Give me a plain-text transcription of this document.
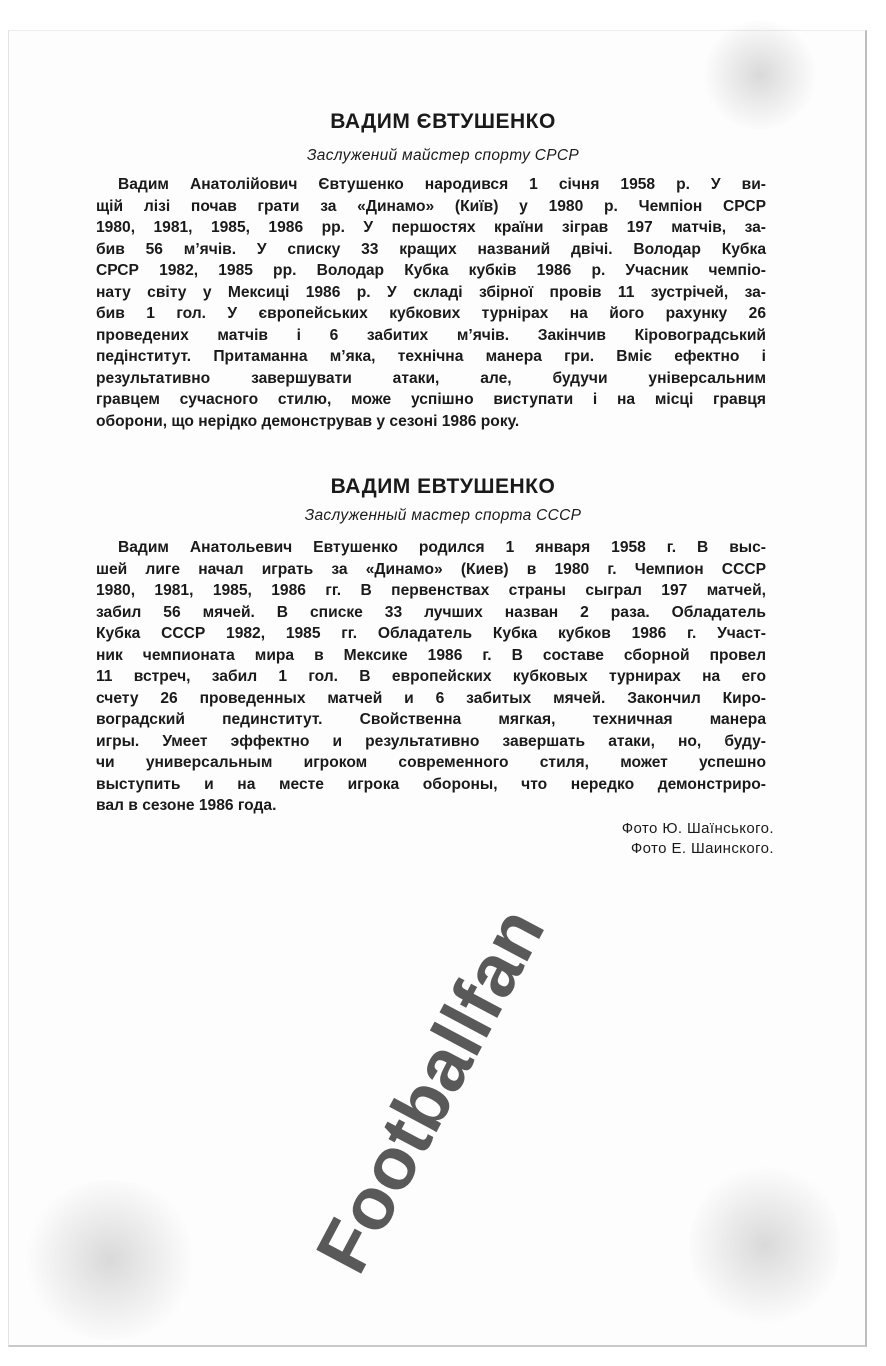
ВАДИМ ЄВТУШЕНКО
Заслужений майстер спорту СРСР
Вадим Анатолійович Євтушенко народився 1 січня 1958 р. У ви-
щій лізі почав грати за «Динамо» (Київ) у 1980 р. Чемпіон СРСР
1980, 1981, 1985, 1986 рр. У першостях країни зіграв 197 матчів, за-
бив 56 м’ячів. У списку 33 кращих названий двічі. Володар Кубка
СРСР 1982, 1985 рр. Володар Кубка кубків 1986 р. Учасник чемпіо-
нату світу у Мексиці 1986 р. У складі збірної провів 11 зустрічей, за-
бив 1 гол. У європейських кубкових турнірах на його рахунку 26
проведених матчів і 6 забитих м’ячів. Закінчив Кіровоградський
педінститут. Притаманна м’яка, технічна манера гри. Вміє ефектно і
результативно завершувати атаки, але, будучи універсальним
гравцем сучасного стилю, може успішно виступати і на місці гравця
оборони, що нерідко демонстрував у сезоні 1986 року.
ВАДИМ ЕВТУШЕНКО
Заслуженный мастер спорта СССР
Вадим Анатольевич Евтушенко родился 1 января 1958 г. В выс-
шей лиге начал играть за «Динамо» (Киев) в 1980 г. Чемпион СССР
1980, 1981, 1985, 1986 гг. В первенствах страны сыграл 197 матчей,
забил 56 мячей. В списке 33 лучших назван 2 раза. Обладатель
Кубка СССР 1982, 1985 гг. Обладатель Кубка кубков 1986 г. Участ-
ник чемпионата мира в Мексике 1986 г. В составе сборной провел
11 встреч, забил 1 гол. В европейских кубковых турнирах на его
счету 26 проведенных матчей и 6 забитых мячей. Закончил Киро-
воградский пединститут. Свойственна мягкая, техничная манера
игры. Умеет эффектно и результативно завершать атаки, но, буду-
чи универсальным игроком современного стиля, может успешно
выступить и на месте игрока обороны, что нередко демонстриро-
вал в сезоне 1986 года.
Фото Ю. Шаїнського.
Фото Е. Шаинского.
Footballfan
